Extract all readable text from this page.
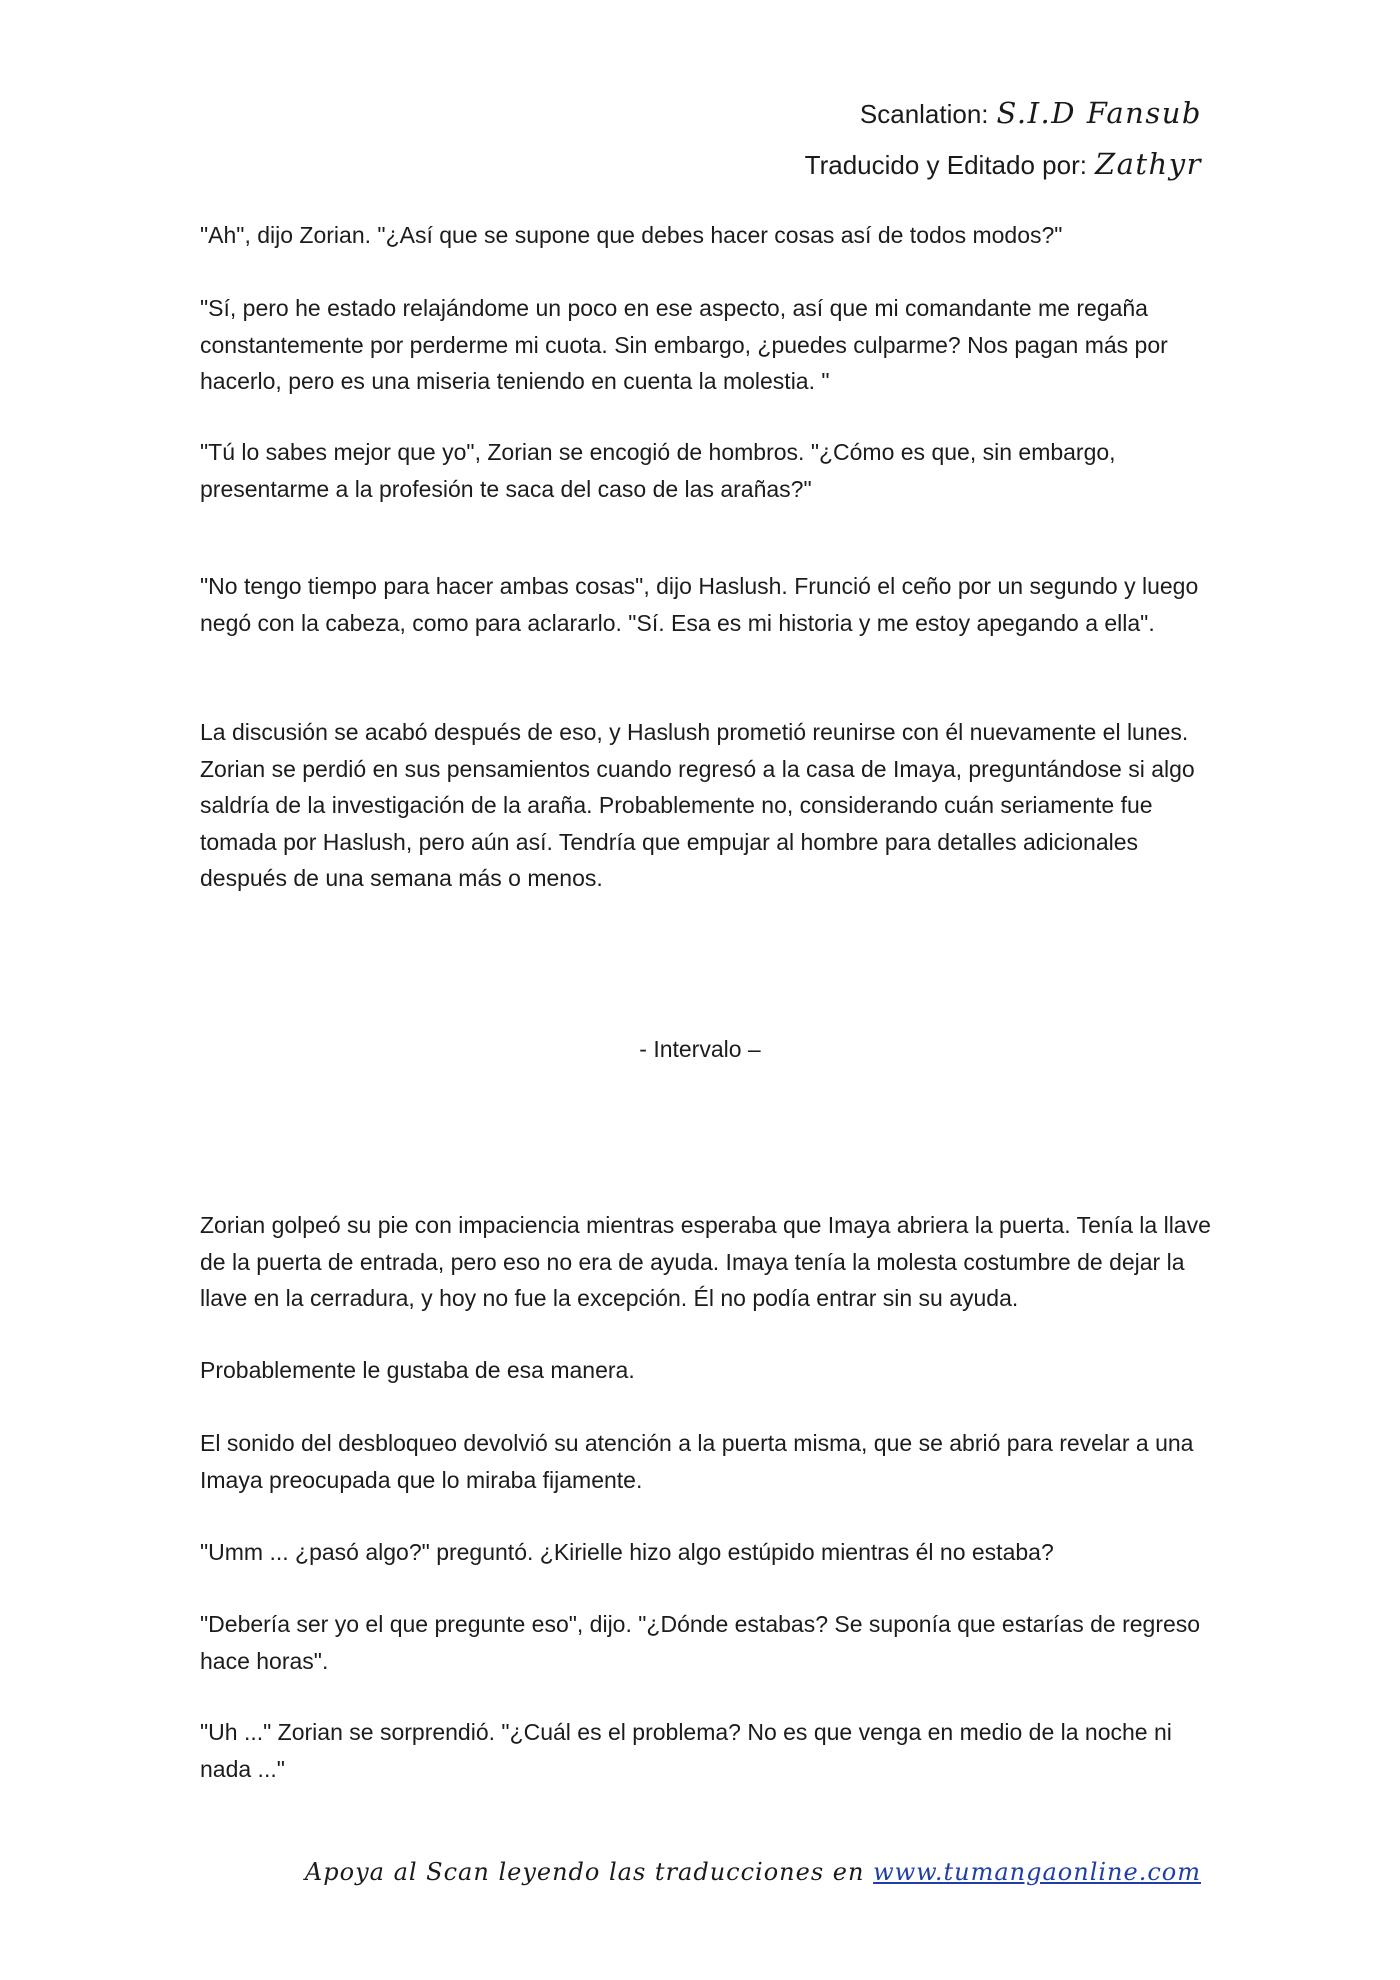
Scanlation: S.I.D Fansub
Traducido y Editado por: Zathyr

"Ah", dijo Zorian. "¿Así que se supone que debes hacer cosas así de todos modos?"

"Sí, pero he estado relajándome un poco en ese aspecto, así que mi comandante me regaña constantemente por perderme mi cuota. Sin embargo, ¿puedes culparme? Nos pagan más por hacerlo, pero es una miseria teniendo en cuenta la molestia. "

"Tú lo sabes mejor que yo", Zorian se encogió de hombros. "¿Cómo es que, sin embargo, presentarme a la profesión te saca del caso de las arañas?"

"No tengo tiempo para hacer ambas cosas", dijo Haslush. Frunció el ceño por un segundo y luego negó con la cabeza, como para aclararlo. "Sí. Esa es mi historia y me estoy apegando a ella".

La discusión se acabó después de eso, y Haslush prometió reunirse con él nuevamente el lunes. Zorian se perdió en sus pensamientos cuando regresó a la casa de Imaya, preguntándose si algo saldría de la investigación de la araña. Probablemente no, considerando cuán seriamente fue tomada por Haslush, pero aún así. Tendría que empujar al hombre para detalles adicionales después de una semana más o menos.

- Intervalo –

Zorian golpeó su pie con impaciencia mientras esperaba que Imaya abriera la puerta. Tenía la llave de la puerta de entrada, pero eso no era de ayuda. Imaya tenía la molesta costumbre de dejar la llave en la cerradura, y hoy no fue la excepción. Él no podía entrar sin su ayuda.

Probablemente le gustaba de esa manera.

El sonido del desbloqueo devolvió su atención a la puerta misma, que se abrió para revelar a una Imaya preocupada que lo miraba fijamente.

"Umm ... ¿pasó algo?" preguntó. ¿Kirielle hizo algo estúpido mientras él no estaba?

"Debería ser yo el que pregunte eso", dijo. "¿Dónde estabas? Se suponía que estarías de regreso hace horas".

"Uh ..." Zorian se sorprendió. "¿Cuál es el problema? No es que venga en medio de la noche ni nada ..."

Apoya al Scan leyendo las traducciones en www.tumangaonline.com
